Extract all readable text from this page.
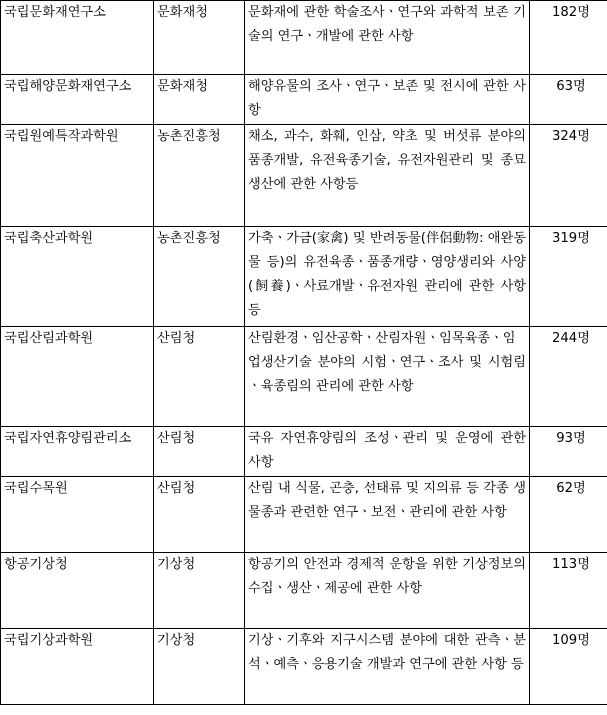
국립문화재연구소	문화재청	문화재에 관한 학술조사ㆍ연구와 과학적 보존 기술의 연구ㆍ개발에 관한 사항	182명
국립해양문화재연구소	문화재청	해양유물의 조사ㆍ연구ㆍ보존 및 전시에 관한 사항	63명
국립원예특작과학원	농촌진흥청	채소, 과수, 화훼, 인삼, 약초 및 버섯류 분야의 품종개발, 유전육종기술, 유전자원관리 및 종묘생산에 관한 사항등	324명
국립축산과학원	농촌진흥청	가축ㆍ가금(家禽) 및 반려동물(伴侶動物: 애완동물 등)의 유전육종ㆍ품종개량ㆍ영양생리와 사양(飼養)ㆍ사료개발ㆍ유전자원 관리에 관한 사항 등	319명
국립산림과학원	산림청	산림환경ㆍ임산공학ㆍ산림자원ㆍ임목육종ㆍ임업생산기술 분야의 시험ㆍ연구ㆍ조사 및 시험림ㆍ육종림의 관리에 관한 사항	244명
국립자연휴양림관리소	산림청	국유 자연휴양림의 조성ㆍ관리 및 운영에 관한 사항	93명
국립수목원	산림청	산림 내 식물, 곤충, 선태류 및 지의류 등 각종 생물종과 관련한 연구ㆍ보전ㆍ관리에 관한 사항	62명
항공기상청	기상청	항공기의 안전과 경제적 운항을 위한 기상정보의 수집ㆍ생산ㆍ제공에 관한 사항	113명
국립기상과학원	기상청	기상ㆍ기후와 지구시스템 분야에 대한 관측ㆍ분석ㆍ예측ㆍ응용기술 개발과 연구에 관한 사항 등	109명
